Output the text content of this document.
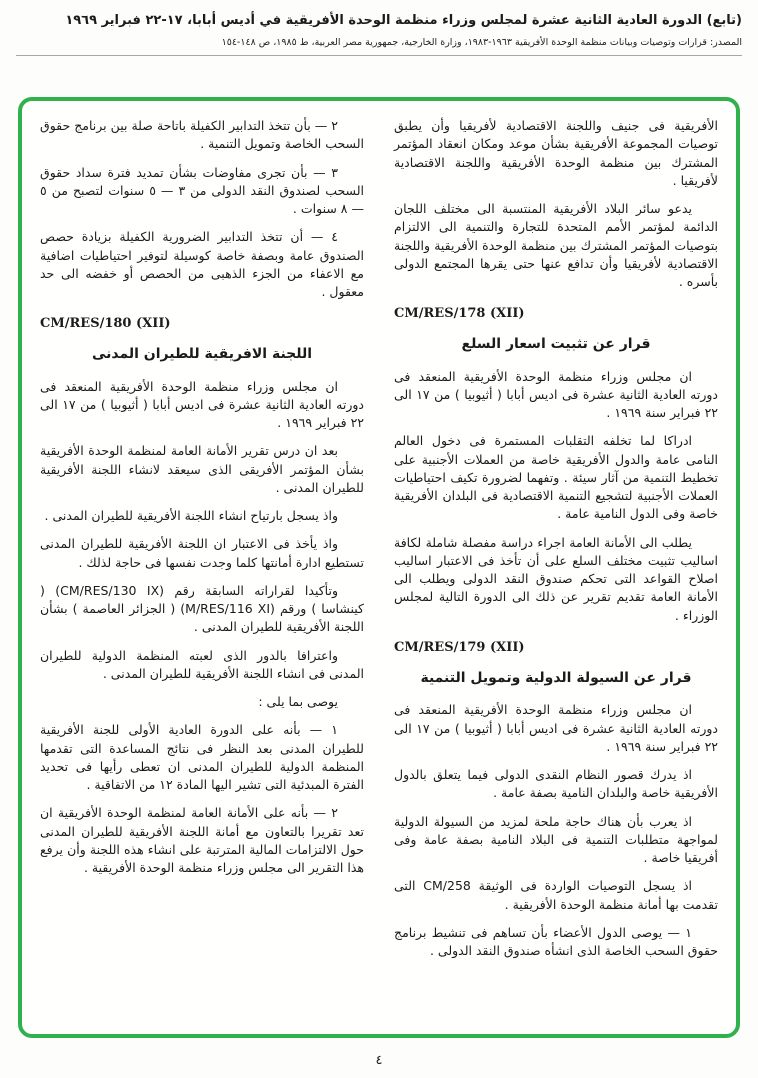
(تابع) الدورة العادية الثانية عشرة لمجلس وزراء منظمة الوحدة الأفريقية في أديس أبابا، ١٧-٢٢ فبراير ١٩٦٩
المصدر: قرارات وتوصيات وبيانات منظمة الوحدة الأفريقية ١٩٦٣-١٩٨٣، وزارة الخارجية، جمهورية مصر العربية، ط ١٩٨٥، ص ١٤٨-١٥٤
الأفريقية فى جنيف واللجنة الاقتصادية لأفريقيا وأن يطبق توصيات المجموعة الأفريقية بشأن موعد ومكان انعقاد المؤتمر المشترك بين منظمة الوحدة الأفريقية واللجنة الاقتصادية لأفريقيا .
يدعو سائر البلاد الأفريقية المنتسبة الى مختلف اللجان الدائمة لمؤتمر الأمم المتحدة للتجارة والتنمية الى الالتزام بتوصيات المؤتمر المشترك بين منظمة الوحدة الأفريقية واللجنة الاقتصادية لأفريقيا وأن تدافع عنها حتى يقرها المجتمع الدولى بأسره .
CM/RES/178 (XII)
قرار عن تثبيت اسعار السلع
ان مجلس وزراء منظمة الوحدة الأفريقية المنعقد فى دورته العادية الثانية عشرة فى اديس أبابا ( أثيوبيا ) من ١٧ الى ٢٢ فبراير سنة ١٩٦٩ .
ادراكا لما تخلفه التقلبات المستمرة فى دخول العالم النامى عامة والدول الأفريقية خاصة من العملات الأجنبية على تخطيط التنمية من آثار سيئة . وتفهما لضرورة تكيف احتياطيات العملات الأجنبية لتشجيع التنمية الاقتصادية فى البلدان الأفريقية خاصة وفى الدول النامية عامة .
يطلب الى الأمانة العامة اجراء دراسة مفصلة شاملة لكافة اساليب تثبيت مختلف السلع على أن تأخذ فى الاعتبار اساليب اصلاح القواعد التى تحكم صندوق النقد الدولى ويطلب الى الأمانة العامة تقديم تقرير عن ذلك الى الدورة التالية لمجلس الوزراء .
CM/RES/179 (XII)
قرار عن السيولة الدولية وتمويل التنمية
ان مجلس وزراء منظمة الوحدة الأفريقية المنعقد فى دورته العادية الثانية عشرة فى اديس أبابا ( أثيوبيا ) من ١٧ الى ٢٢ فبراير سنة ١٩٦٩ .
اذ يدرك قصور النظام النقدى الدولى فيما يتعلق بالدول الأفريقية خاصة والبلدان النامية بصفة عامة .
اذ يعرب بأن هناك حاجة ملحة لمزيد من السيولة الدولية لمواجهة متطلبات التنمية فى البلاد النامية بصفة عامة وفى أفريقيا خاصة .
اذ يسجل التوصيات الواردة فى الوثيقة CM/258 التى تقدمت بها أمانة منظمة الوحدة الأفريقية .
١ — يوصى الدول الأعضاء بأن تساهم فى تنشيط برنامج حقوق السحب الخاصة الذى انشأه صندوق النقد الدولى .
٢ — بأن تتخذ التدابير الكفيلة باتاحة صلة بين برنامج حقوق السحب الخاصة وتمويل التنمية .
٣ — بأن تجرى مفاوضات بشأن تمديد فترة سداد حقوق السحب لصندوق النقد الدولى من ٣ — ٥ سنوات لتصبح من ٥ — ٨ سنوات .
٤ — أن تتخذ التدابير الضرورية الكفيلة بزيادة حصص الصندوق عامة وبصفة خاصة كوسيلة لتوفير احتياطيات اضافية مع الاعفاء من الجزء الذهبى من الحصص أو خفضه الى حد معقول .
CM/RES/180 (XII)
اللجنة الافريقية للطيران المدنى
ان مجلس وزراء منظمة الوحدة الأفريقية المنعقد فى دورته العادية الثانية عشرة فى اديس أبابا ( أثيوبيا ) من ١٧ الى ٢٢ فبراير ١٩٦٩ .
بعد ان درس تقرير الأمانة العامة لمنظمة الوحدة الأفريقية بشأن المؤتمر الأفريقى الذى سيعقد لانشاء اللجنة الأفريقية للطيران المدنى .
واذ يسجل بارتياح انشاء اللجنة الأفريقية للطيران المدنى .
واذ يأخذ فى الاعتبار ان اللجنة الأفريقية للطيران المدنى تستطيع ادارة أمانتها كلما وجدت نفسها فى حاجة لذلك .
وتأكيدا لقراراته السابقة رقم (CM/RES/130 IX) ( كينشاسا ) ورقم (M/RES/116 XI) ( الجزائر العاصمة ) بشأن اللجنة الأفريقية للطيران المدنى .
واعترافا بالدور الذى لعبته المنظمة الدولية للطيران المدنى فى انشاء اللجنة الأفريقية للطيران المدنى .
يوصى بما يلى :
١ — بأنه على الدورة العادية الأولى للجنة الأفريقية للطيران المدنى بعد النظر فى نتائج المساعدة التى تقدمها المنظمة الدولية للطيران المدنى ان تعطى رأيها فى تحديد الفترة المبدئية التى تشير اليها المادة ١٢ من الاتفاقية .
٢ — بأنه على الأمانة العامة لمنظمة الوحدة الأفريقية ان تعد تقريرا بالتعاون مع أمانة اللجنة الأفريقية للطيران المدنى حول الالتزامات المالية المترتبة على انشاء هذه اللجنة وأن يرفع هذا التقرير الى مجلس وزراء منظمة الوحدة الأفريقية .
٤
